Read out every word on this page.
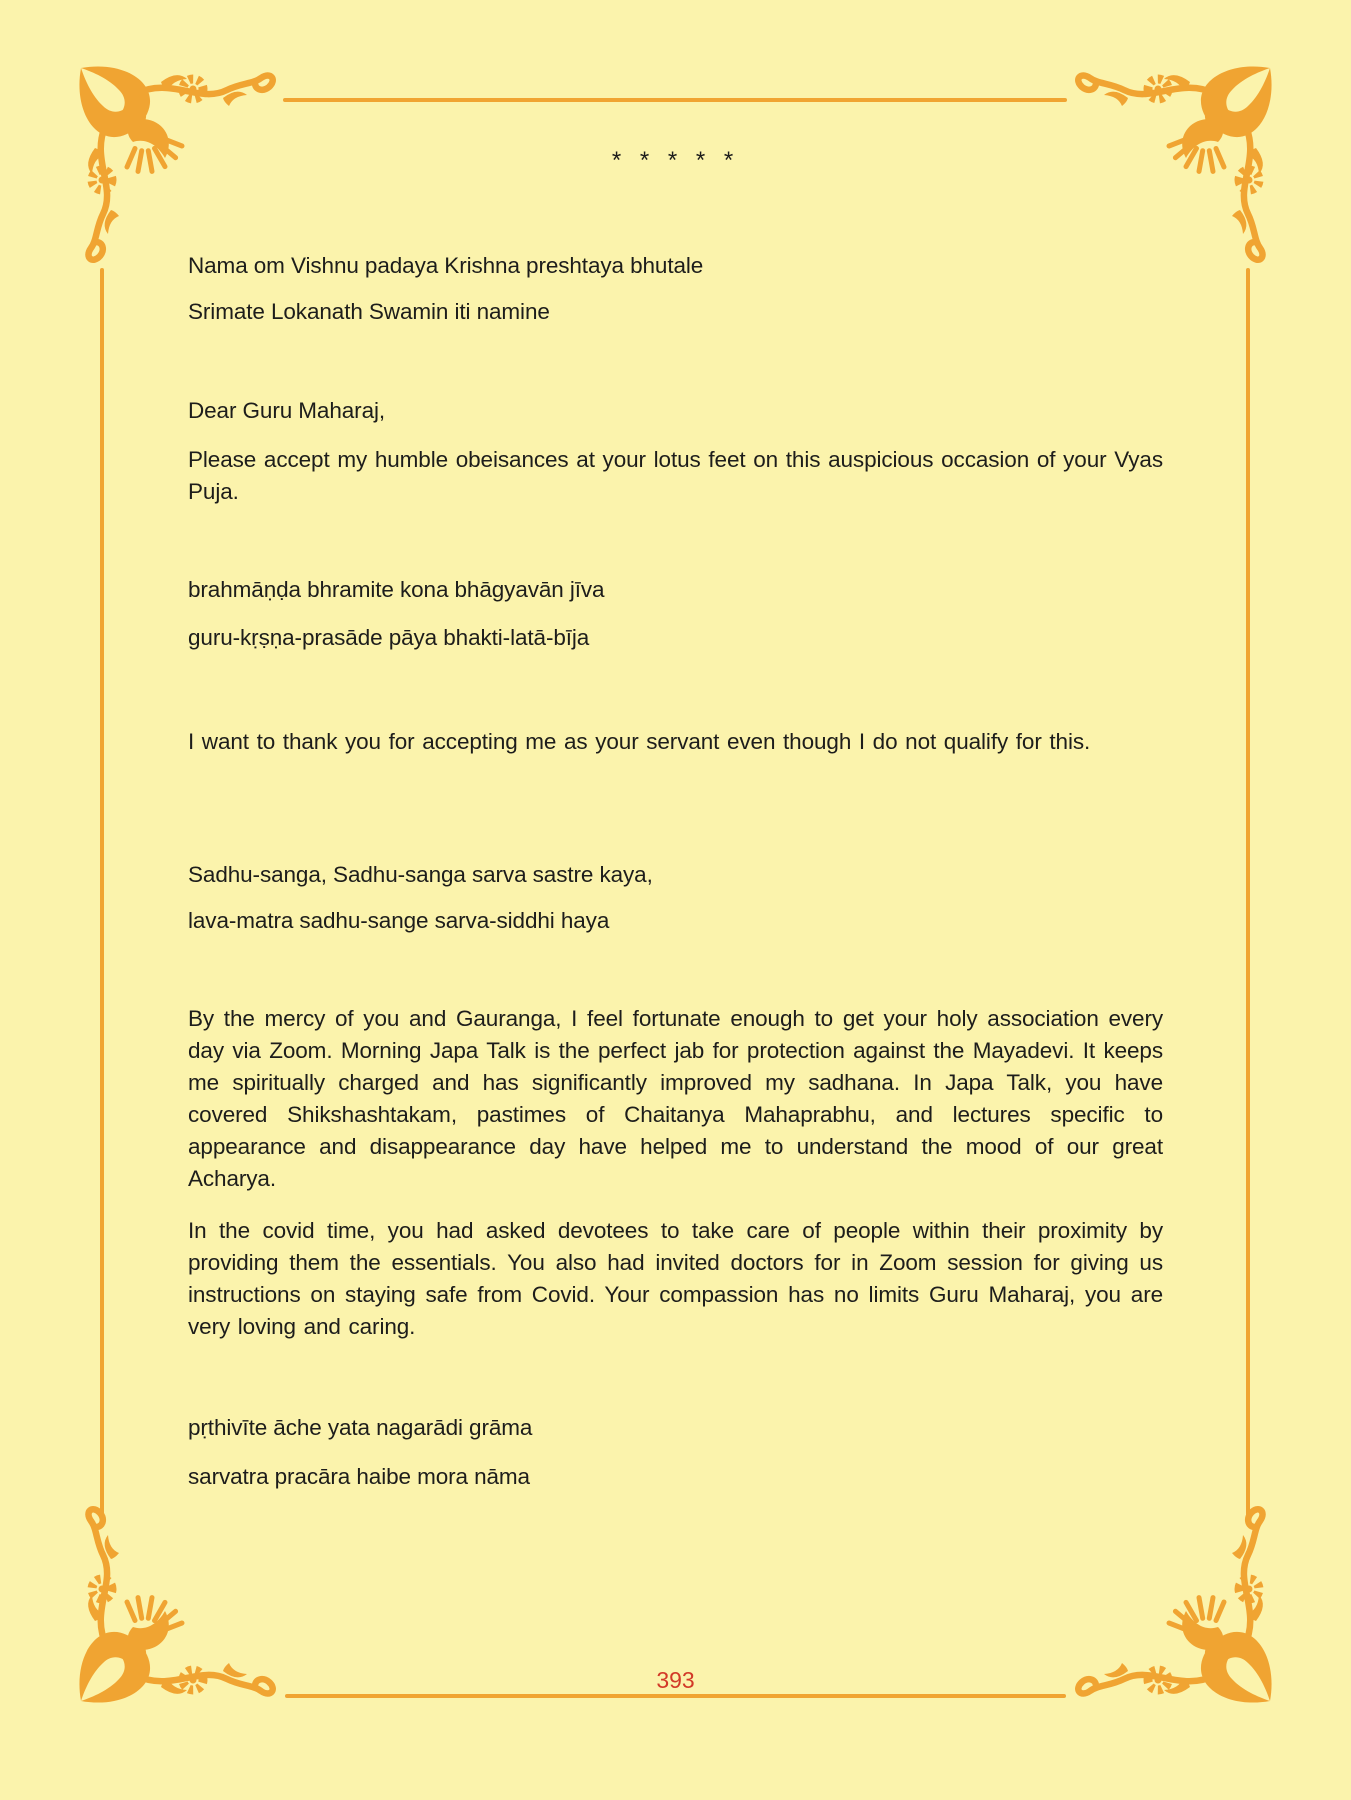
* * * * *
Nama om Vishnu padaya Krishna preshtaya bhutale
Srimate Lokanath Swamin iti namine
Dear Guru Maharaj,
Please accept my humble obeisances at your lotus feet on this auspicious occasion of your Vyas Puja.
brahmāṇḍa bhramite kona bhāgyavān jīva
guru-kṛṣṇa-prasāde pāya bhakti-latā-bīja
I want to thank you for accepting me as your servant even though I do not qualify for this.
Sadhu-sanga, Sadhu-sanga sarva sastre kaya,
lava-matra sadhu-sange sarva-siddhi haya
By the mercy of you and Gauranga, I feel fortunate enough to get your holy association every day via Zoom. Morning Japa Talk is the perfect jab for protection against the Mayadevi. It keeps me spiritually charged and has significantly improved my sadhana. In Japa Talk, you have covered Shikshashtakam, pastimes of Chaitanya Mahaprabhu, and lectures specific to appearance and disappearance day have helped me to understand the mood of our great Acharya.
In the covid time, you had asked devotees to take care of people within their proximity by providing them the essentials. You also had invited doctors for in Zoom session for giving us instructions on staying safe from Covid. Your compassion has no limits Guru Maharaj, you are very loving and caring.
pṛthivīte āche yata nagarādi grāma
sarvatra pracāra haibe mora nāma
393
